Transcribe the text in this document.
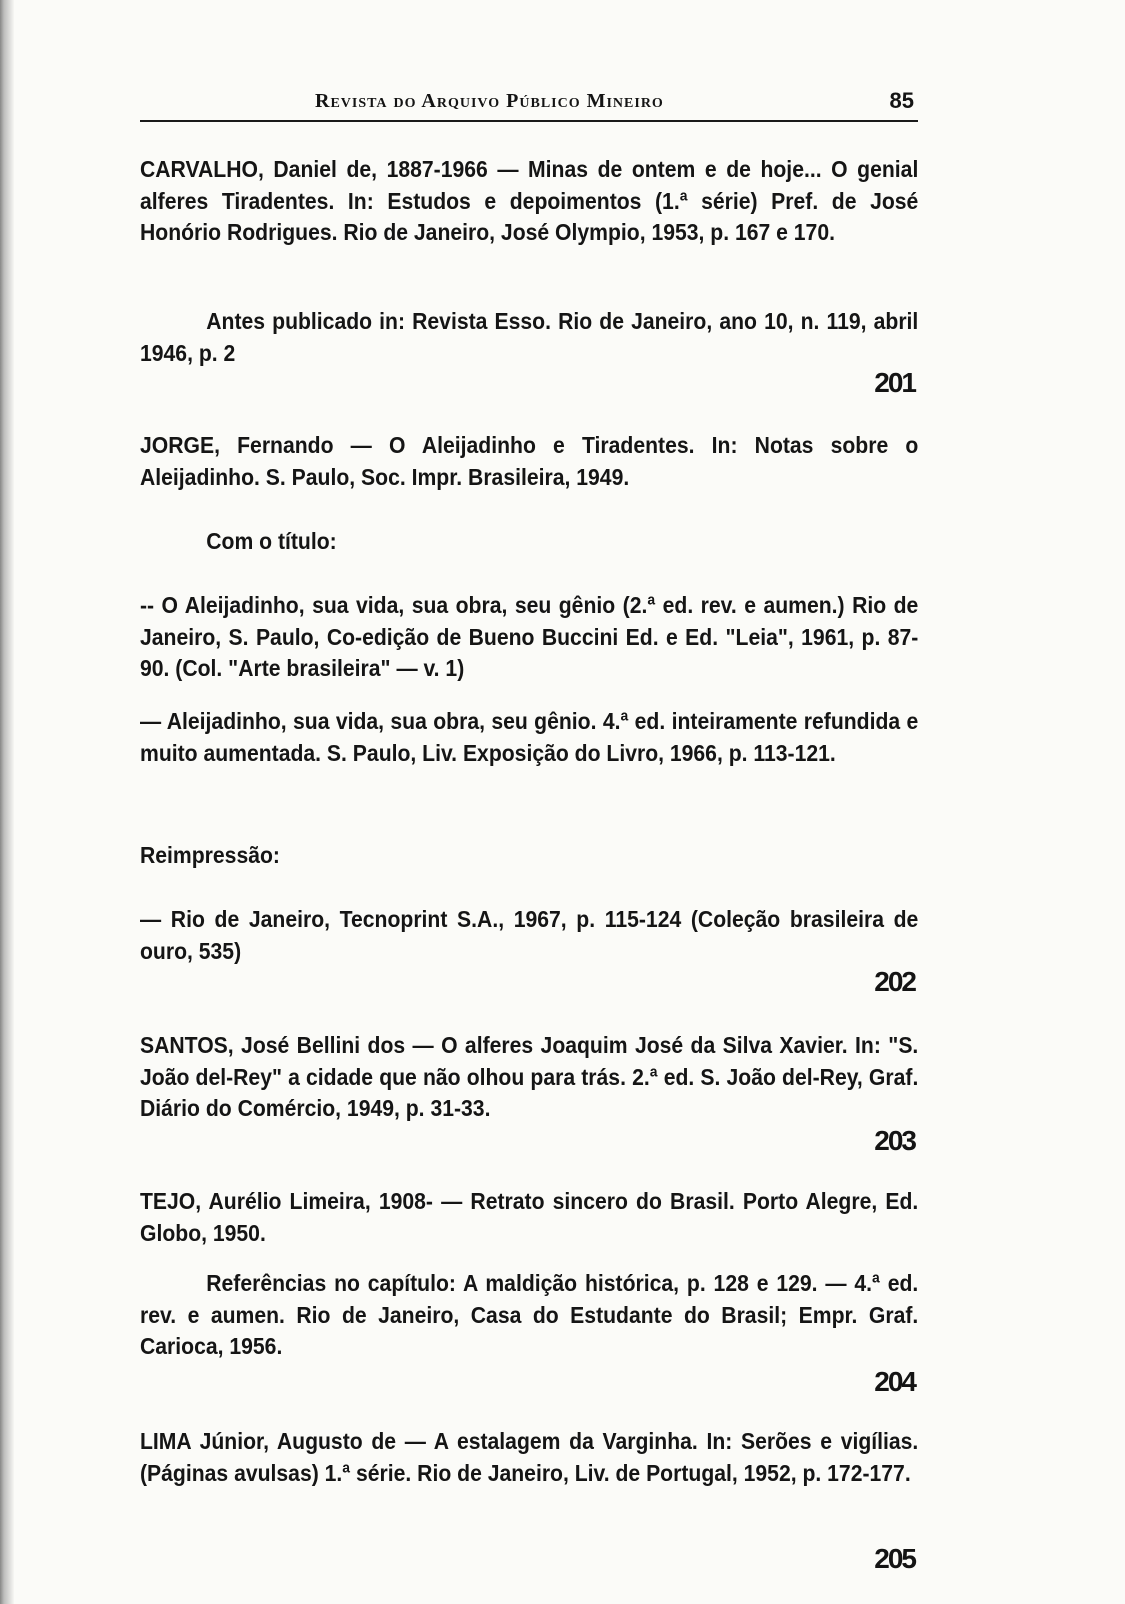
Revista do Arquivo Público Mineiro	85
CARVALHO, Daniel de, 1887-1966 — Minas de ontem e de hoje... O genial alferes Tiradentes. In: Estudos e depoimentos (1.ª série) Pref. de José Honório Rodrigues. Rio de Janeiro, José Olympio, 1953, p. 167 e 170.
Antes publicado in: Revista Esso. Rio de Janeiro, ano 10, n. 119, abril 1946, p. 2
201
JORGE, Fernando — O Aleijadinho e Tiradentes. In: Notas sobre o Aleijadinho. S. Paulo, Soc. Impr. Brasileira, 1949.
Com o título:
-- O Aleijadinho, sua vida, sua obra, seu gênio (2.ª ed. rev. e aumen.) Rio de Janeiro, S. Paulo, Co-edição de Bueno Buccini Ed. e Ed. "Leia", 1961, p. 87-90. (Col. "Arte brasileira" — v. 1)
— Aleijadinho, sua vida, sua obra, seu gênio. 4.ª ed. inteiramente refundida e muito aumentada. S. Paulo, Liv. Exposição do Livro, 1966, p. 113-121.
Reimpressão:
— Rio de Janeiro, Tecnoprint S.A., 1967, p. 115-124 (Coleção brasileira de ouro, 535)
202
SANTOS, José Bellini dos — O alferes Joaquim José da Silva Xavier. In: "S. João del-Rey" a cidade que não olhou para trás. 2.ª ed. S. João del-Rey, Graf. Diário do Comércio, 1949, p. 31-33.
203
TEJO, Aurélio Limeira, 1908- — Retrato sincero do Brasil. Porto Alegre, Ed. Globo, 1950.
Referências no capítulo: A maldição histórica, p. 128 e 129. — 4.ª ed. rev. e aumen. Rio de Janeiro, Casa do Estudante do Brasil; Empr. Graf. Carioca, 1956.
204
LIMA Júnior, Augusto de — A estalagem da Varginha. In: Serões e vigílias. (Páginas avulsas) 1.ª série. Rio de Janeiro, Liv. de Portugal, 1952, p. 172-177.
205
